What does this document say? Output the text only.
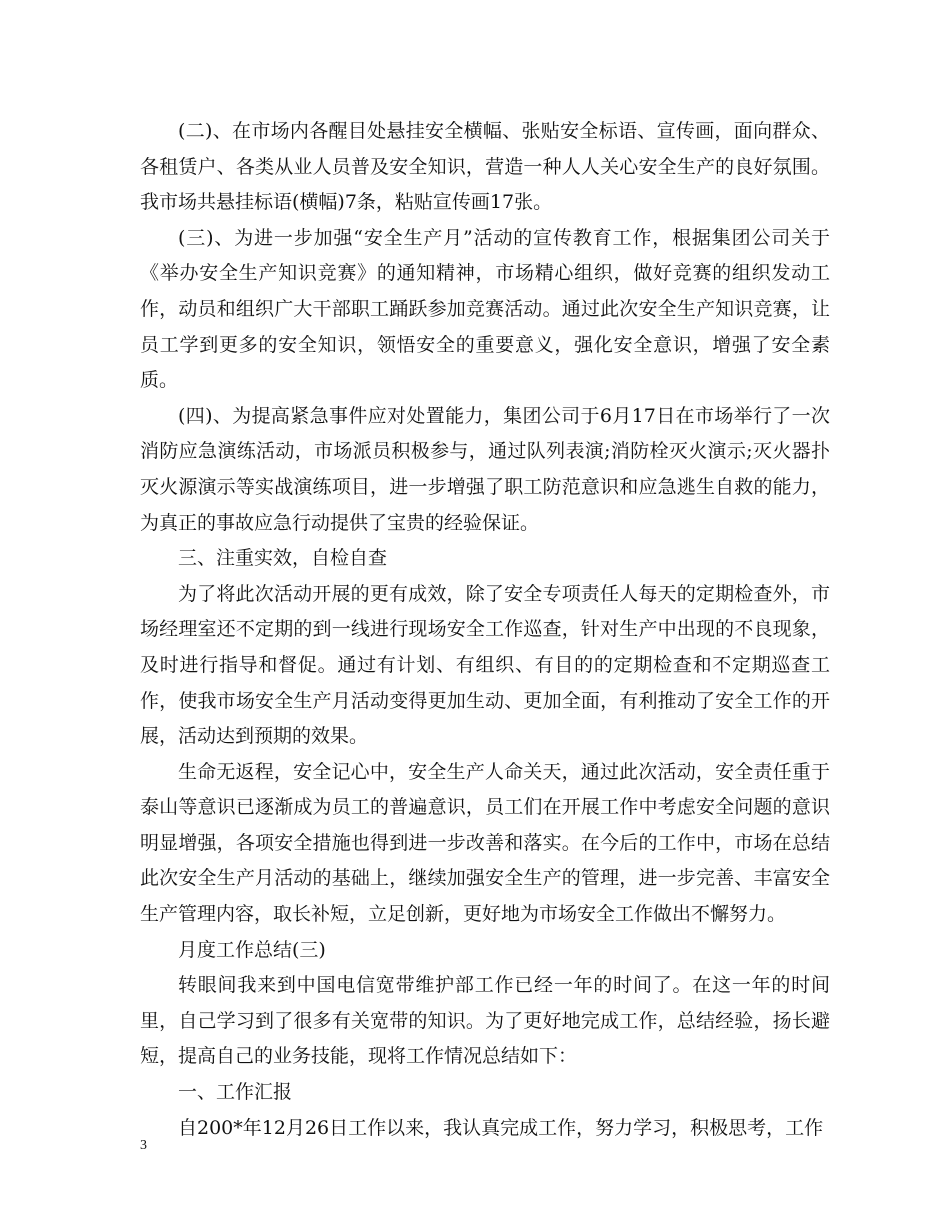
(二)、在市场内各醒目处悬挂安全横幅、张贴安全标语、宣传画，面向群众、各租赁户、各类从业人员普及安全知识，营造一种人人关心安全生产的良好氛围。我市场共悬挂标语(横幅)7条，粘贴宣传画17张。

(三)、为进一步加强“安全生产月”活动的宣传教育工作，根据集团公司关于《举办安全生产知识竞赛》的通知精神，市场精心组织，做好竞赛的组织发动工作，动员和组织广大干部职工踊跃参加竞赛活动。通过此次安全生产知识竞赛，让员工学到更多的安全知识，领悟安全的重要意义，强化安全意识，增强了安全素质。

(四)、为提高紧急事件应对处置能力，集团公司于6月17日在市场举行了一次消防应急演练活动，市场派员积极参与，通过队列表演;消防栓灭火演示;灭火器扑灭火源演示等实战演练项目，进一步增强了职工防范意识和应急逃生自救的能力，为真正的事故应急行动提供了宝贵的经验保证。

三、注重实效，自检自查

为了将此次活动开展的更有成效，除了安全专项责任人每天的定期检查外，市场经理室还不定期的到一线进行现场安全工作巡查，针对生产中出现的不良现象，及时进行指导和督促。通过有计划、有组织、有目的的定期检查和不定期巡查工作，使我市场安全生产月活动变得更加生动、更加全面，有利推动了安全工作的开展，活动达到预期的效果。

生命无返程，安全记心中，安全生产人命关天，通过此次活动，安全责任重于泰山等意识已逐渐成为员工的普遍意识，员工们在开展工作中考虑安全问题的意识明显增强，各项安全措施也得到进一步改善和落实。在今后的工作中，市场在总结此次安全生产月活动的基础上，继续加强安全生产的管理，进一步完善、丰富安全生产管理内容，取长补短，立足创新，更好地为市场安全工作做出不懈努力。

月度工作总结(三)

转眼间我来到中国电信宽带维护部工作已经一年的时间了。在这一年的时间里，自己学习到了很多有关宽带的知识。为了更好地完成工作，总结经验，扬长避短，提高自己的业务技能，现将工作情况总结如下：

一、工作汇报

自200*年12月26日工作以来，我认真完成工作，努力学习，积极思考，工作

3
